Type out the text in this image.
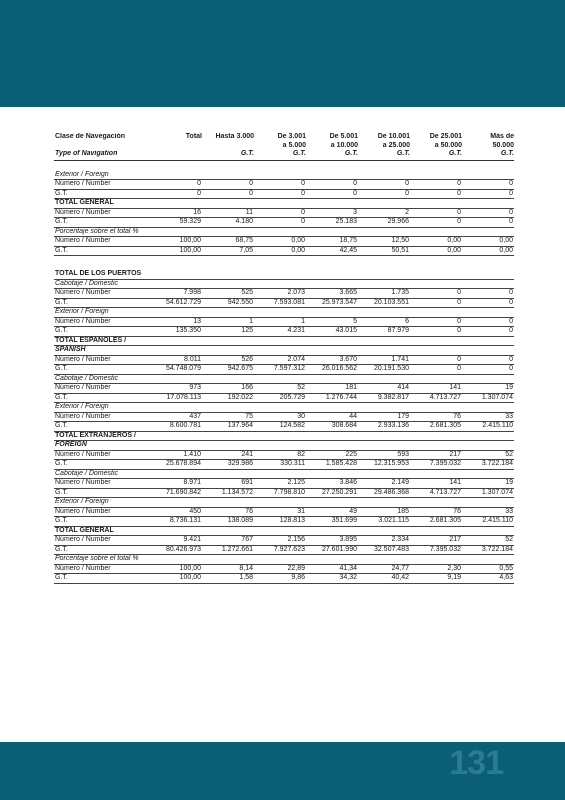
Clase de Navegación	Total	Hasta 3.000	De 3.001	De 5.001	De 10.001	De 25.001	Más de
			a 5.000	a 10.000	a 25.000	a 50.000	50.000
Type of Navigation		G.T.	G.T.	G.T.	G.T.	G.T.	G.T.

Exterior / Foreign							
Número / Number	0	0	0	0	0	0	0
G.T.	0	0	0	0	0	0	0
TOTAL GENERAL							
Número / Number	16	11	0	3	2	0	0
G.T.	59.329	4.180	0	25.183	29.966	0	0
Porcentaje sobre el total %							
Número / Number	100,00	68,75	0,00	18,75	12,50	0,00	0,00
G.T.	100,00	7,05	0,00	42,45	50,51	0,00	0,00

TOTAL DE LOS PUERTOS							
Cabotaje / Domestic							
Número / Number	7.998	525	2.073	3.665	1.735	0	0
G.T.	54.612.729	942.550	7.593.081	25.973.547	20.103.551	0	0
Exterior / Foreign							
Número / Number	13	1	1	5	6	0	0
G.T.	135.350	125	4.231	43.015	87.979	0	0
TOTAL ESPAÑOLES /							
SPANISH							
Número / Number	8.011	526	2.074	3.670	1.741	0	0
G.T.	54.748.079	942.675	7.597.312	26.016.562	20.191.530	0	0
Cabotaje / Domestic							
Número / Number	973	166	52	181	414	141	19
G.T.	17.078.113	192.022	205.729	1.276.744	9.382.817	4.713.727	1.307.074
Exterior / Foreign							
Número / Number	437	75	30	44	179	76	33
G.T.	8.600.781	137.964	124.582	308.684	2.933.136	2.681.305	2.415.110
TOTAL EXTRANJEROS /							
FOREIGN							
Número / Number	1.410	241	82	225	593	217	52
G.T.	25.678.894	329.986	330.311	1.585.428	12.315.953	7.395.032	3.722.184
Cabotaje / Domestic							
Número / Number	8.971	691	2.125	3.846	2.149	141	19
G.T.	71.690.842	1.134.572	7.798.810	27.250.291	29.486.368	4.713.727	1.307.074
Exterior / Foreign							
Número / Number	450	76	31	49	185	76	33
G.T.	8.736.131	138.089	128.813	351.699	3.021.115	2.681.305	2.415.110
TOTAL GENERAL							
Número / Number	9.421	767	2.156	3.895	2.334	217	52
G.T.	80.426.973	1.272.661	7.927.623	27.601.990	32.507.483	7.395.032	3.722.184
Porcentaje sobre el total %							
Número / Number	100,00	8,14	22,89	41,34	24,77	2,30	0,55
G.T.	100,00	1,58	9,86	34,32	40,42	9,19	4,63
131
